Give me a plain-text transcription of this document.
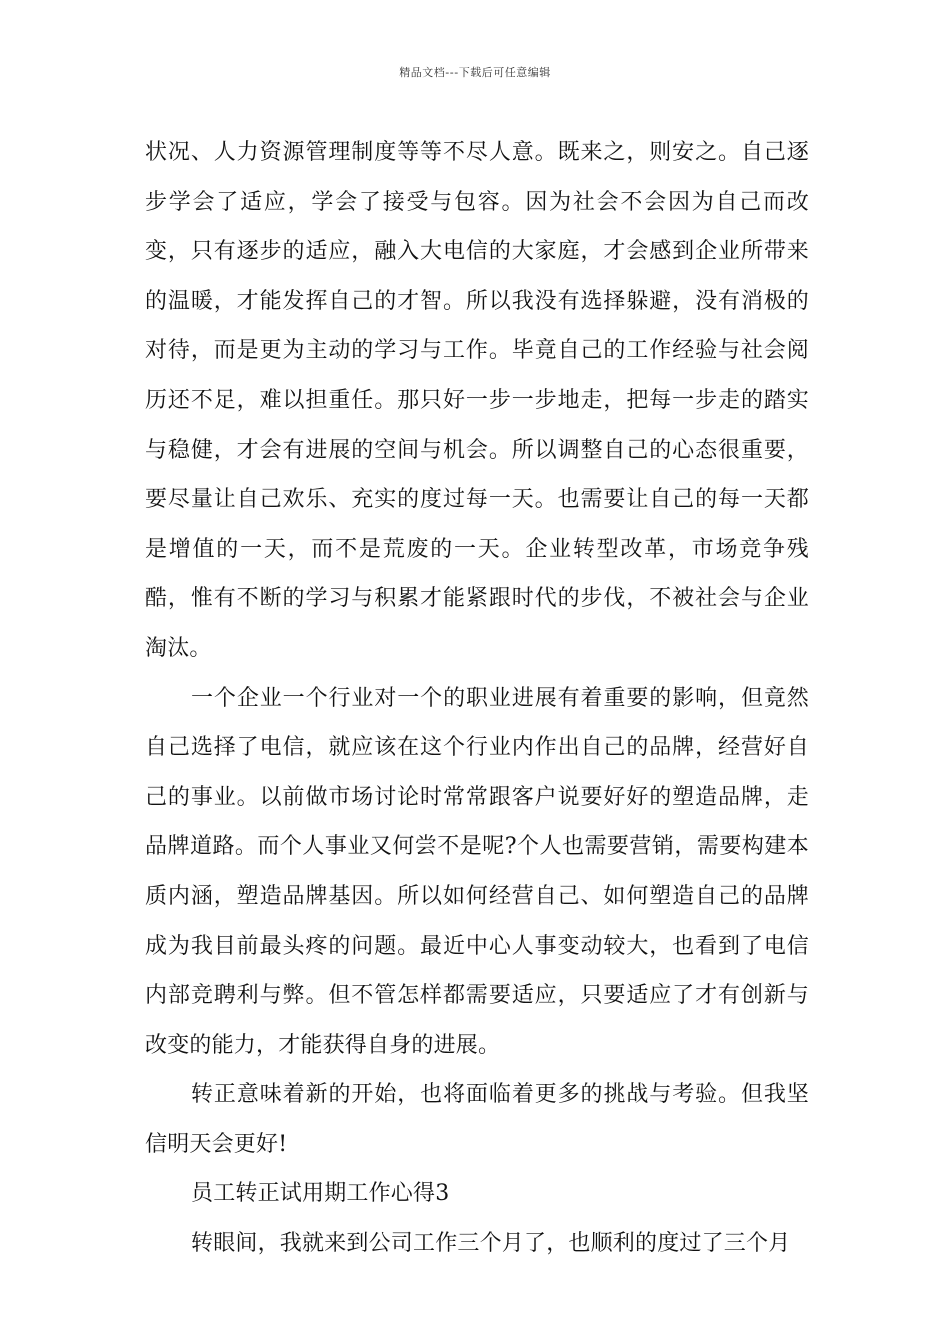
精品文档---下载后可任意编辑

状况、人力资源管理制度等等不尽人意。既来之，则安之。自己逐步学会了适应，学会了接受与包容。因为社会不会因为自己而改变，只有逐步的适应，融入大电信的大家庭，才会感到企业所带来的温暖，才能发挥自己的才智。所以我没有选择躲避，没有消极的对待，而是更为主动的学习与工作。毕竟自己的工作经验与社会阅历还不足，难以担重任。那只好一步一步地走，把每一步走的踏实与稳健，才会有进展的空间与机会。所以调整自己的心态很重要，要尽量让自己欢乐、充实的度过每一天。也需要让自己的每一天都是增值的一天，而不是荒废的一天。企业转型改革，市场竞争残酷，惟有不断的学习与积累才能紧跟时代的步伐，不被社会与企业淘汰。

一个企业一个行业对一个的职业进展有着重要的影响，但竟然自己选择了电信，就应该在这个行业内作出自己的品牌，经营好自己的事业。以前做市场讨论时常常跟客户说要好好的塑造品牌，走品牌道路。而个人事业又何尝不是呢?个人也需要营销，需要构建本质内涵，塑造品牌基因。所以如何经营自己、如何塑造自己的品牌成为我目前最头疼的问题。最近中心人事变动较大，也看到了电信内部竞聘利与弊。但不管怎样都需要适应，只要适应了才有创新与改变的能力，才能获得自身的进展。

转正意味着新的开始，也将面临着更多的挑战与考验。但我坚信明天会更好!

员工转正试用期工作心得3

转眼间，我就来到公司工作三个月了，也顺利的度过了三个月
